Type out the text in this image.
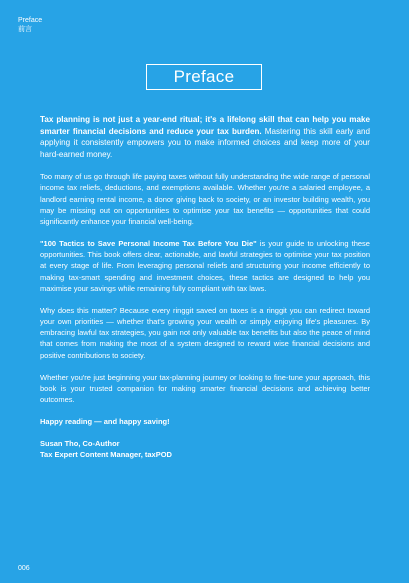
Preface
前言
Preface

Tax planning is not just a year-end ritual; it's a lifelong skill that can help you make smarter financial decisions and reduce your tax burden. Mastering this skill early and applying it consistently empowers you to make informed choices and keep more of your hard-earned money.

Too many of us go through life paying taxes without fully understanding the wide range of personal income tax reliefs, deductions, and exemptions available. Whether you're a salaried employee, a landlord earning rental income, a donor giving back to society, or an investor building wealth, you may be missing out on opportunities to optimise your tax benefits — opportunities that could significantly enhance your financial well-being.

"100 Tactics to Save Personal Income Tax Before You Die" is your guide to unlocking these opportunities. This book offers clear, actionable, and lawful strategies to optimise your tax position at every stage of life. From leveraging personal reliefs and structuring your income efficiently to making tax-smart spending and investment choices, these tactics are designed to help you maximise your savings while remaining fully compliant with tax laws.

Why does this matter? Because every ringgit saved on taxes is a ringgit you can redirect toward your own priorities — whether that's growing your wealth or simply enjoying life's pleasures. By embracing lawful tax strategies, you gain not only valuable tax benefits but also the peace of mind that comes from making the most of a system designed to reward wise financial decisions and positive contributions to society.

Whether you're just beginning your tax-planning journey or looking to fine-tune your approach, this book is your trusted companion for making smarter financial decisions and achieving better outcomes.

Happy reading — and happy saving!

Susan Tho, Co-Author
Tax Expert Content Manager, taxPOD
006
